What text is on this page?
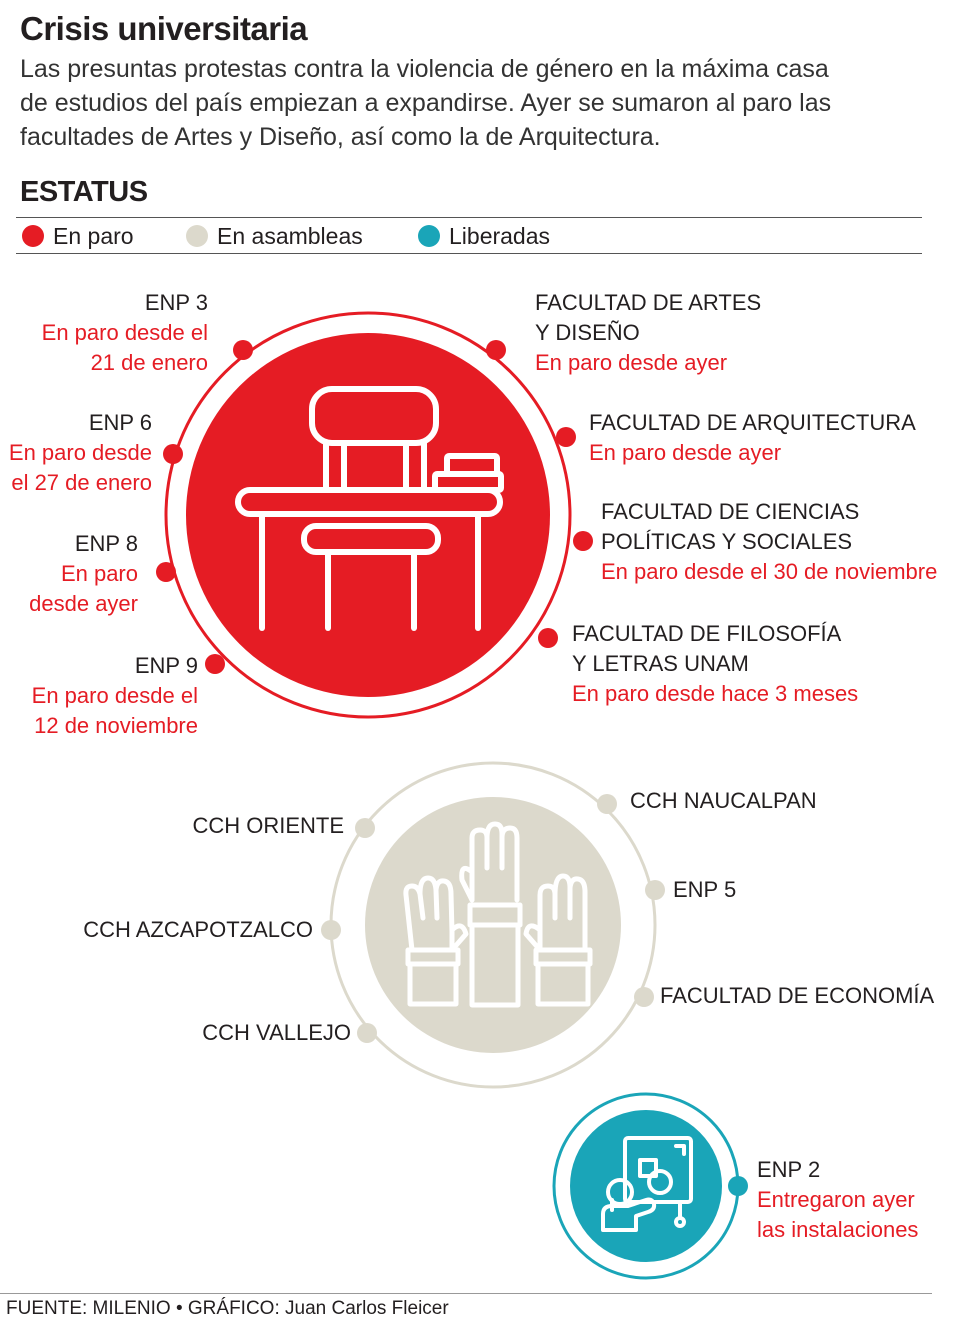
Crisis universitaria
Las presuntas protestas contra la violencia de género en la máxima casa
de estudios del país empiezan a expandirse. Ayer se sumaron al paro las
facultades de Artes y Diseño, así como la de Arquitectura.
ESTATUS
En paro	En asambleas	Liberadas
ENP 3
En paro desde el
21 de enero
ENP 6
En paro desde
el 27 de enero
ENP 8
En paro
desde ayer
ENP 9
En paro desde el
12 de noviembre
FACULTAD DE ARTES
Y DISEÑO
En paro desde ayer
FACULTAD DE ARQUITECTURA
En paro desde ayer
FACULTAD DE CIENCIAS
POLÍTICAS Y SOCIALES
En paro desde el 30 de noviembre
FACULTAD DE FILOSOFÍA
Y LETRAS UNAM
En paro desde hace 3 meses
CCH ORIENTE
CCH AZCAPOTZALCO
CCH VALLEJO
CCH NAUCALPAN
ENP 5
FACULTAD DE ECONOMÍA
ENP 2
Entregaron ayer
las instalaciones
FUENTE: MILENIO • GRÁFICO: Juan Carlos Fleicer
